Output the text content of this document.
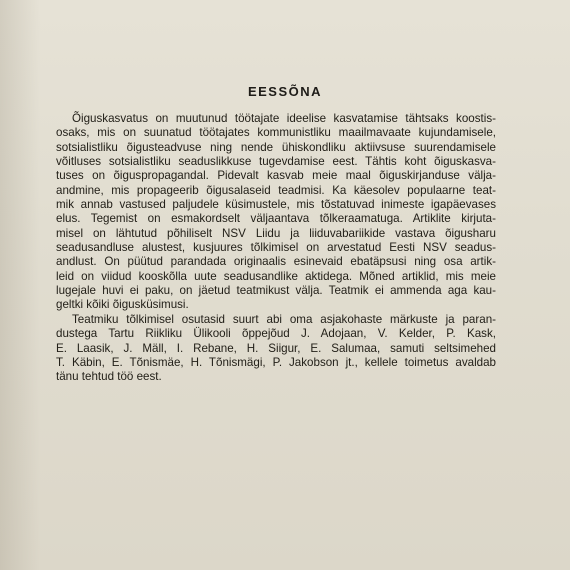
EESSÕNA
Õiguskasvatus on muutunud töötajate ideelise kasvatamise tähtsaks koostis-
osaks, mis on suunatud töötajates kommunistliku maailmavaate kujundamisele,
sotsialistliku õigusteadvuse ning nende ühiskondliku aktiivsuse suurendamisele
võitluses sotsialistliku seaduslikkuse tugevdamise eest. Tähtis koht õiguskasva-
tuses on õiguspropagandal. Pidevalt kasvab meie maal õiguskirjanduse välja-
andmine, mis propageerib õigusalaseid teadmisi. Ka käesolev populaarne teat-
mik annab vastused paljudele küsimustele, mis tõstatuvad inimeste igapäevases
elus. Tegemist on esmakordselt väljaantava tõlkeraamatuga. Artiklite kirjuta-
misel on lähtutud põhiliselt NSV Liidu ja liiduvabariikide vastava õigusharu
seadusandluse alustest, kusjuures tõlkimisel on arvestatud Eesti NSV seadus-
andlust. On püütud parandada originaalis esinevaid ebatäpsusi ning osa artik-
leid on viidud kooskõlla uute seadusandlike aktidega. Mõned artiklid, mis meie
lugejale huvi ei paku, on jäetud teatmikust välja. Teatmik ei ammenda aga kau-
geltki kõiki õigusküsimusi.
Teatmiku tõlkimisel osutasid suurt abi oma asjakohaste märkuste ja paran-
dustega Tartu Riikliku Ülikooli õppejõud J. Adojaan, V. Kelder, P. Kask,
E. Laasik, J. Mäll, I. Rebane, H. Siigur, E. Salumaa, samuti seltsimehed
T. Käbin, E. Tõnismäe, H. Tõnismägi, P. Jakobson jt., kellele toimetus avaldab
tänu tehtud töö eest.
